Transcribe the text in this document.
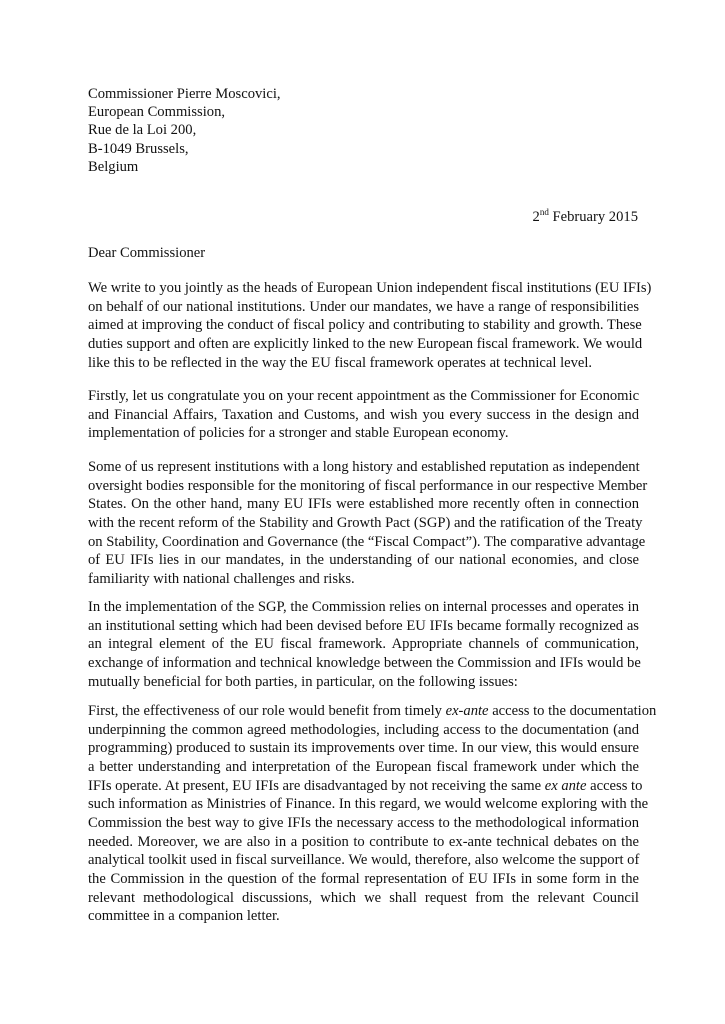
Commissioner Pierre Moscovici,
European Commission,
Rue de la Loi 200,
B-1049 Brussels,
Belgium
2nd February 2015
Dear Commissioner
We write to you jointly as the heads of European Union independent fiscal institutions (EU IFIs)
on behalf of our national institutions. Under our mandates, we have a range of responsibilities
aimed at improving the conduct of fiscal policy and contributing to stability and growth. These
duties support and often are explicitly linked to the new European fiscal framework. We would
like this to be reflected in the way the EU fiscal framework operates at technical level.
Firstly, let us congratulate you on your recent appointment as the Commissioner for Economic
and Financial Affairs, Taxation and Customs, and wish you every success in the design and
implementation of policies for a stronger and stable European economy.
Some of us represent institutions with a long history and established reputation as independent
oversight bodies responsible for the monitoring of fiscal performance in our respective Member
States. On the other hand, many EU IFIs were established more recently often in connection
with the recent reform of the Stability and Growth Pact (SGP) and the ratification of the Treaty
on Stability, Coordination and Governance (the “Fiscal Compact”). The comparative advantage
of EU IFIs lies in our mandates, in the understanding of our national economies, and close
familiarity with national challenges and risks.
In the implementation of the SGP, the Commission relies on internal processes and operates in
an institutional setting which had been devised before EU IFIs became formally recognized as
an integral element of the EU fiscal framework. Appropriate channels of communication,
exchange of information and technical knowledge between the Commission and IFIs would be
mutually beneficial for both parties, in particular, on the following issues:
First, the effectiveness of our role would benefit from timely ex-ante access to the documentation
underpinning the common agreed methodologies, including access to the documentation (and
programming) produced to sustain its improvements over time. In our view, this would ensure
a better understanding and interpretation of the European fiscal framework under which the
IFIs operate. At present, EU IFIs are disadvantaged by not receiving the same ex ante access to
such information as Ministries of Finance. In this regard, we would welcome exploring with the
Commission the best way to give IFIs the necessary access to the methodological information
needed. Moreover, we are also in a position to contribute to ex-ante technical debates on the
analytical toolkit used in fiscal surveillance. We would, therefore, also welcome the support of
the Commission in the question of the formal representation of EU IFIs in some form in the
relevant methodological discussions, which we shall request from the relevant Council
committee in a companion letter.
